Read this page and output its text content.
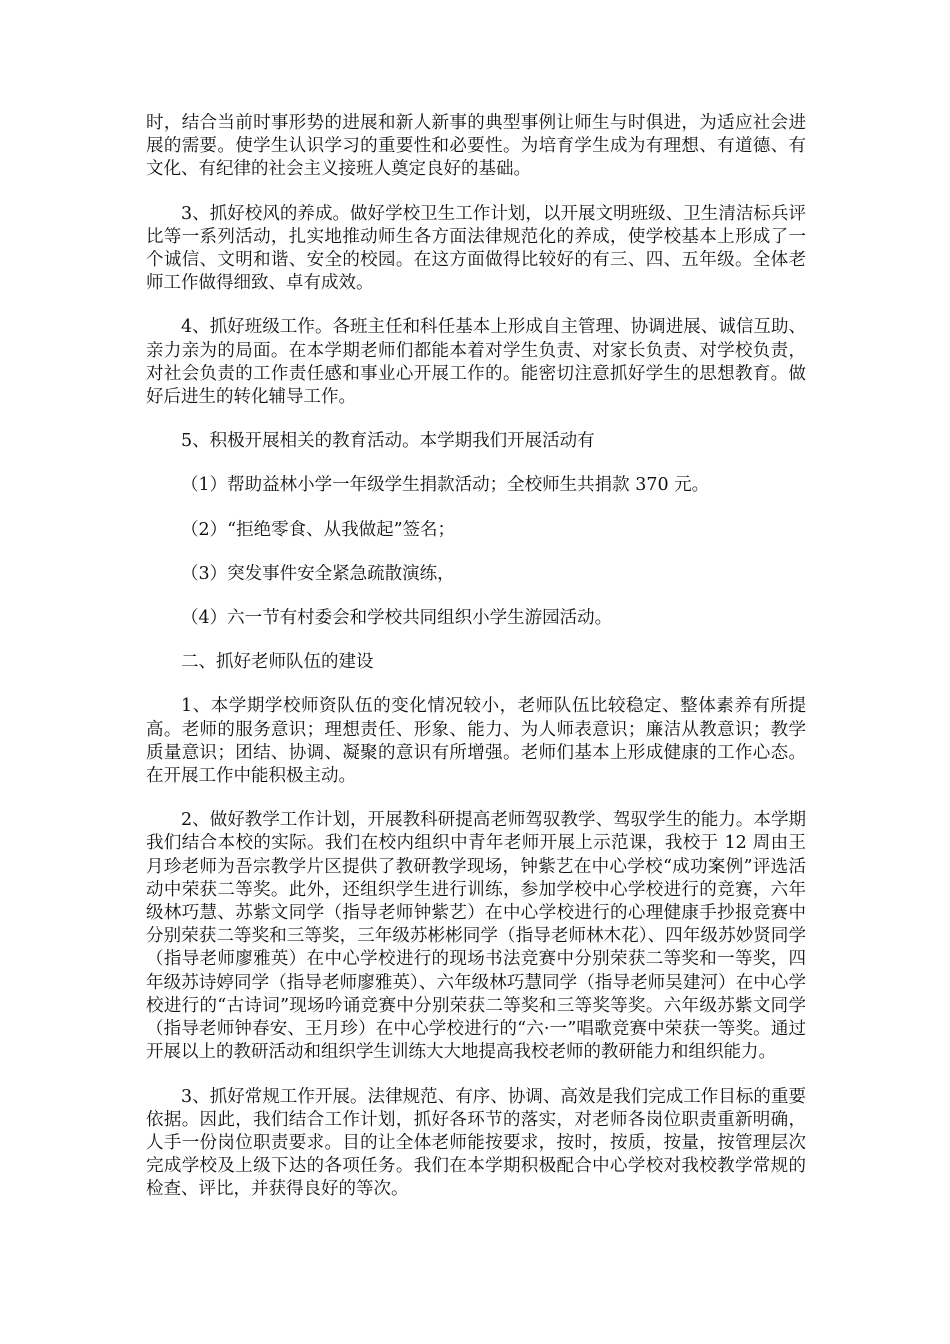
时，结合当前时事形势的进展和新人新事的典型事例让师生与时俱进，为适应社会进展的需要。使学生认识学习的重要性和必要性。为培育学生成为有理想、有道德、有文化、有纪律的社会主义接班人奠定良好的基础。

3、抓好校风的养成。做好学校卫生工作计划，以开展文明班级、卫生清洁标兵评比等一系列活动，扎实地推动师生各方面法律规范化的养成，使学校基本上形成了一个诚信、文明和谐、安全的校园。在这方面做得比较好的有三、四、五年级。全体老师工作做得细致、卓有成效。

4、抓好班级工作。各班主任和科任基本上形成自主管理、协调进展、诚信互助、亲力亲为的局面。在本学期老师们都能本着对学生负责、对家长负责、对学校负责，对社会负责的工作责任感和事业心开展工作的。能密切注意抓好学生的思想教育。做好后进生的转化辅导工作。

5、积极开展相关的教育活动。本学期我们开展活动有

（1）帮助益林小学一年级学生捐款活动；全校师生共捐款 370 元。

（2）“拒绝零食、从我做起”签名；

（3）突发事件安全紧急疏散演练，

（4）六一节有村委会和学校共同组织小学生游园活动。

二、抓好老师队伍的建设

1、本学期学校师资队伍的变化情况较小，老师队伍比较稳定、整体素养有所提高。老师的服务意识；理想责任、形象、能力、为人师表意识；廉洁从教意识；教学质量意识；团结、协调、凝聚的意识有所增强。老师们基本上形成健康的工作心态。在开展工作中能积极主动。

2、做好教学工作计划，开展教科研提高老师驾驭教学、驾驭学生的能力。本学期我们结合本校的实际。我们在校内组织中青年老师开展上示范课，我校于 12 周由王月珍老师为吾宗教学片区提供了教研教学现场，钟紫艺在中心学校“成功案例”评选活动中荣获二等奖。此外，还组织学生进行训练，参加学校中心学校进行的竞赛，六年级林巧慧、苏紫文同学（指导老师钟紫艺）在中心学校进行的心理健康手抄报竞赛中分别荣获二等奖和三等奖，三年级苏彬彬同学（指导老师林木花）、四年级苏妙贤同学（指导老师廖雅英）在中心学校进行的现场书法竞赛中分别荣获二等奖和一等奖，四年级苏诗婷同学（指导老师廖雅英）、六年级林巧慧同学（指导老师吴建河）在中心学校进行的“古诗词”现场吟诵竞赛中分别荣获二等奖和三等奖等奖。六年级苏紫文同学（指导老师钟春安、王月珍）在中心学校进行的“六·一”唱歌竞赛中荣获一等奖。通过开展以上的教研活动和组织学生训练大大地提高我校老师的教研能力和组织能力。

3、抓好常规工作开展。法律规范、有序、协调、高效是我们完成工作目标的重要依据。因此，我们结合工作计划，抓好各环节的落实，对老师各岗位职责重新明确，人手一份岗位职责要求。目的让全体老师能按要求，按时，按质，按量，按管理层次完成学校及上级下达的各项任务。我们在本学期积极配合中心学校对我校教学常规的检查、评比，并获得良好的等次。
